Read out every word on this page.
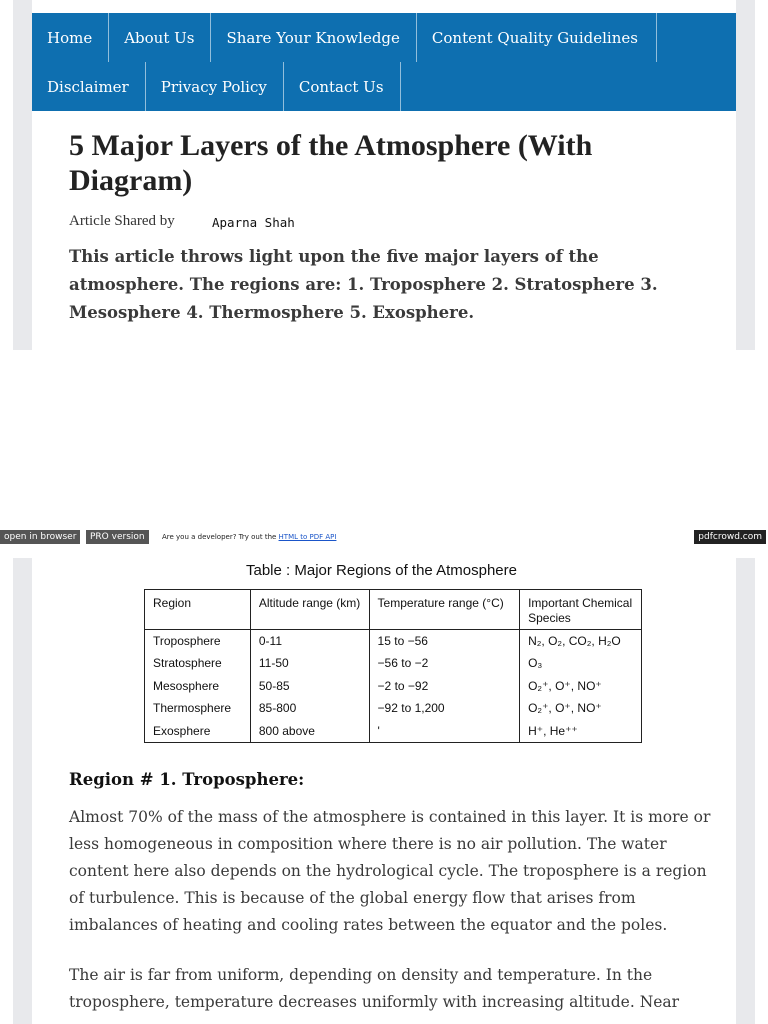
Home	About Us	Share Your Knowledge	Content Quality Guidelines
Disclaimer	Privacy Policy	Contact Us
5 Major Layers of the Atmosphere (With Diagram)
Article Shared by	Aparna Shah

This article throws light upon the five major layers of the atmosphere. The regions are: 1. Troposphere 2. Stratosphere 3. Mesosphere 4. Thermosphere 5. Exosphere.

open in browser	PRO version	Are you a developer? Try out the HTML to PDF API	pdfcrowd.com
Table : Major Regions of the Atmosphere
Region	Altitude range (km)	Temperature range (°C)	Important Chemical Species
Troposphere	0-11	15 to −56	N₂, O₂, CO₂, H₂O
Stratosphere	11-50	−56 to −2	O₃
Mesosphere	50-85	−2 to −92	O₂⁺, O⁺, NO⁺
Thermosphere	85-800	−92 to 1,200	O₂⁺, O⁺, NO⁺
Exosphere	800 above	'	H⁺, He⁺⁺
Region # 1. Troposphere:

Almost 70% of the mass of the atmosphere is contained in this layer. It is more or less homogeneous in composition where there is no air pollution. The water content here also depends on the hydrological cycle. The troposphere is a region of turbulence. This is because of the global energy flow that arises from imbalances of heating and cooling rates between the equator and the poles.

The air is far from uniform, depending on density and temperature. In the troposphere, temperature decreases uniformly with increasing altitude. Near
